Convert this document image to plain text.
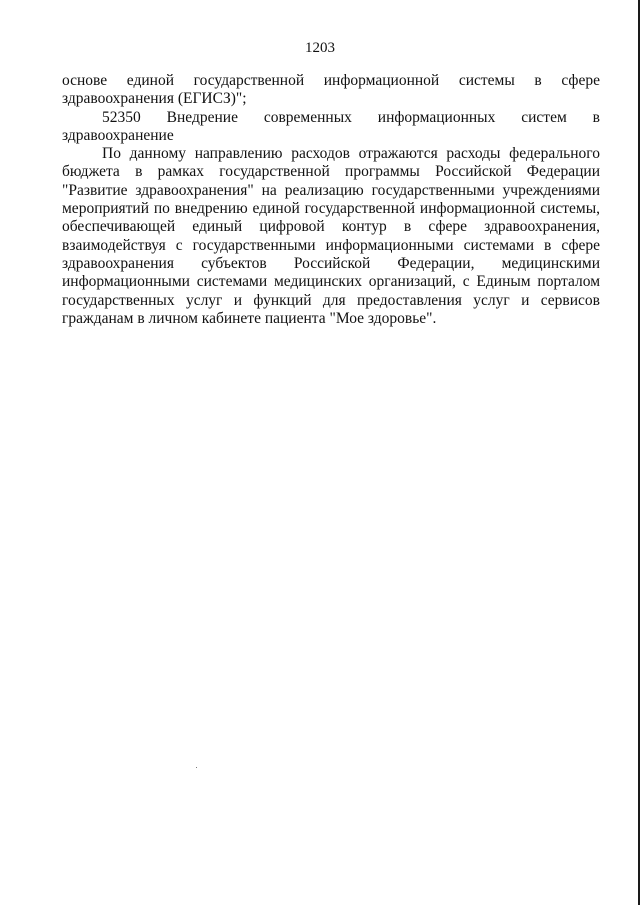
1203

основе единой государственной информационной системы в сфере здравоохранения (ЕГИСЗ)";

52350 Внедрение современных информационных систем в здравоохранение

По данному направлению расходов отражаются расходы федерального бюджета в рамках государственной программы Российской Федерации "Развитие здравоохранения" на реализацию государственными учреждениями мероприятий по внедрению единой государственной информационной системы, обеспечивающей единый цифровой контур в сфере здравоохранения, взаимодействуя с государственными информационными системами в сфере здравоохранения субъектов Российской Федерации, медицинскими информационными системами медицинских организаций, с Единым порталом государственных услуг и функций для предоставления услуг и сервисов гражданам в личном кабинете пациента "Мое здоровье".
